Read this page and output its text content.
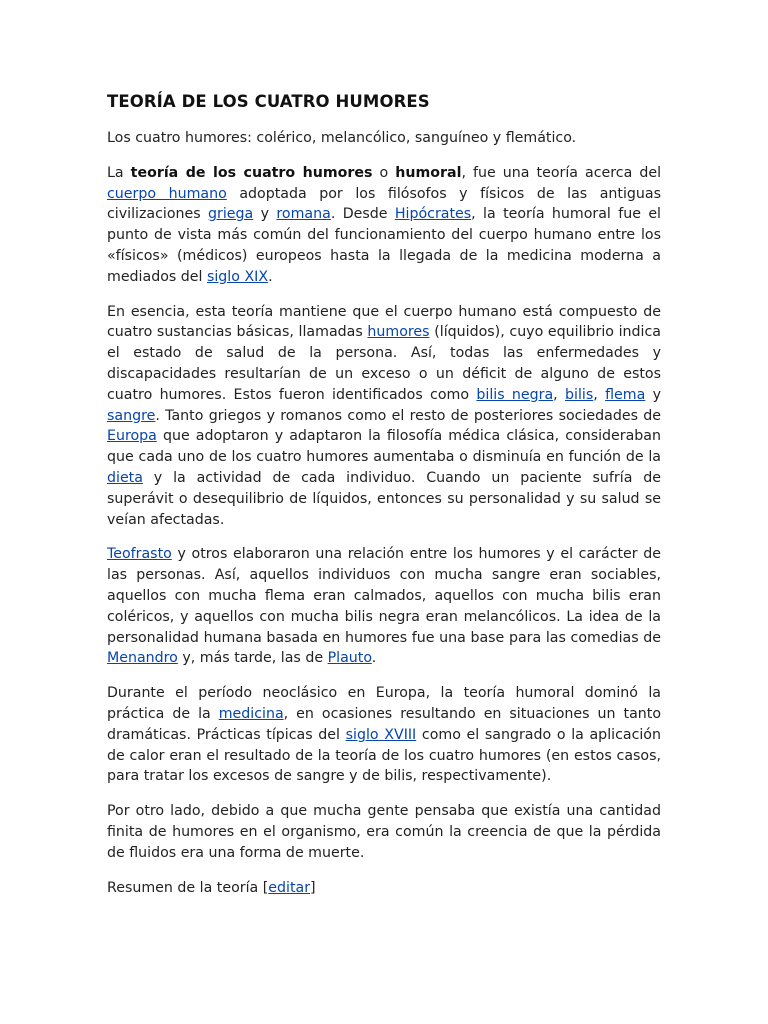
TEORÍA DE LOS CUATRO HUMORES

Los cuatro humores: colérico, melancólico, sanguíneo y flemático.

La teoría de los cuatro humores o humoral, fue una teoría acerca del cuerpo humano adoptada por los filósofos y físicos de las antiguas civilizaciones griega y romana. Desde Hipócrates, la teoría humoral fue el punto de vista más común del funcionamiento del cuerpo humano entre los «físicos» (médicos) europeos hasta la llegada de la medicina moderna a mediados del siglo XIX.

En esencia, esta teoría mantiene que el cuerpo humano está compuesto de cuatro sustancias básicas, llamadas humores (líquidos), cuyo equilibrio indica el estado de salud de la persona. Así, todas las enfermedades y discapacidades resultarían de un exceso o un déficit de alguno de estos cuatro humores. Estos fueron identificados como bilis negra, bilis, flema y sangre. Tanto griegos y romanos como el resto de posteriores sociedades de Europa que adoptaron y adaptaron la filosofía médica clásica, consideraban que cada uno de los cuatro humores aumentaba o disminuía en función de la dieta y la actividad de cada individuo. Cuando un paciente sufría de superávit o desequilibrio de líquidos, entonces su personalidad y su salud se veían afectadas.

Teofrasto y otros elaboraron una relación entre los humores y el carácter de las personas. Así, aquellos individuos con mucha sangre eran sociables, aquellos con mucha flema eran calmados, aquellos con mucha bilis eran coléricos, y aquellos con mucha bilis negra eran melancólicos. La idea de la personalidad humana basada en humores fue una base para las comedias de Menandro y, más tarde, las de Plauto.

Durante el período neoclásico en Europa, la teoría humoral dominó la práctica de la medicina, en ocasiones resultando en situaciones un tanto dramáticas. Prácticas típicas del siglo XVIII como el sangrado o la aplicación de calor eran el resultado de la teoría de los cuatro humores (en estos casos, para tratar los excesos de sangre y de bilis, respectivamente).

Por otro lado, debido a que mucha gente pensaba que existía una cantidad finita de humores en el organismo, era común la creencia de que la pérdida de fluidos era una forma de muerte.

Resumen de la teoría [editar]
